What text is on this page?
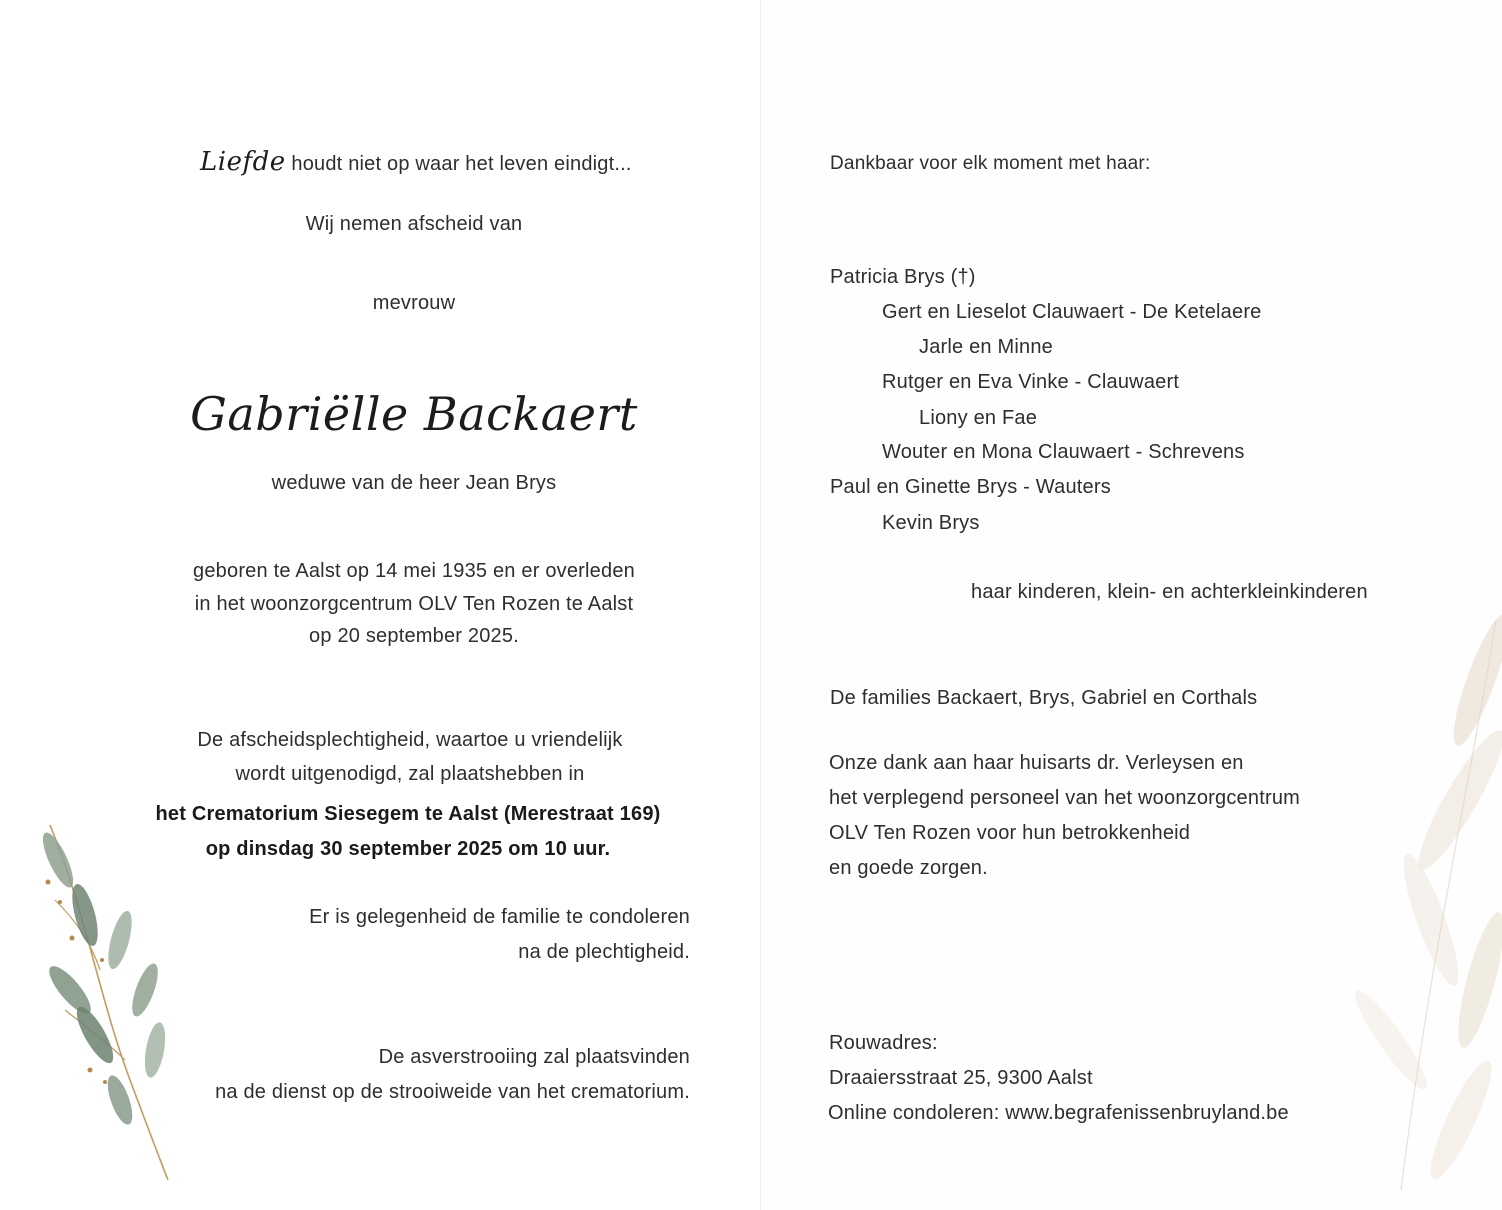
Liefde houdt niet op waar het leven eindigt...
Wij nemen afscheid van
mevrouw
Gabriëlle Backaert
weduwe van de heer Jean Brys
geboren te Aalst op 14 mei 1935 en er overleden
in het woonzorgcentrum OLV Ten Rozen te Aalst
op 20 september 2025.
De afscheidsplechtigheid, waartoe u vriendelijk
wordt uitgenodigd, zal plaatshebben in
het Crematorium Siesegem te Aalst (Merestraat 169)
op dinsdag 30 september 2025 om 10 uur.
Er is gelegenheid de familie te condoleren
na de plechtigheid.
De asverstrooiing zal plaatsvinden
na de dienst op de strooiweide van het crematorium.
Dankbaar voor elk moment met haar:
Patricia Brys (†)
Gert en Lieselot Clauwaert - De Ketelaere
Jarle en Minne
Rutger en Eva Vinke - Clauwaert
Liony en Fae
Wouter en Mona Clauwaert - Schrevens
Paul en Ginette Brys - Wauters
Kevin Brys
haar kinderen, klein- en achterkleinkinderen
De families Backaert, Brys, Gabriel en Corthals
Onze dank aan haar huisarts dr. Verleysen en
het verplegend personeel van het woonzorgcentrum
OLV Ten Rozen voor hun betrokkenheid
en goede zorgen.
Rouwadres:
Draaiersstraat 25, 9300 Aalst
Online condoleren: www.begrafenissenbruyland.be
